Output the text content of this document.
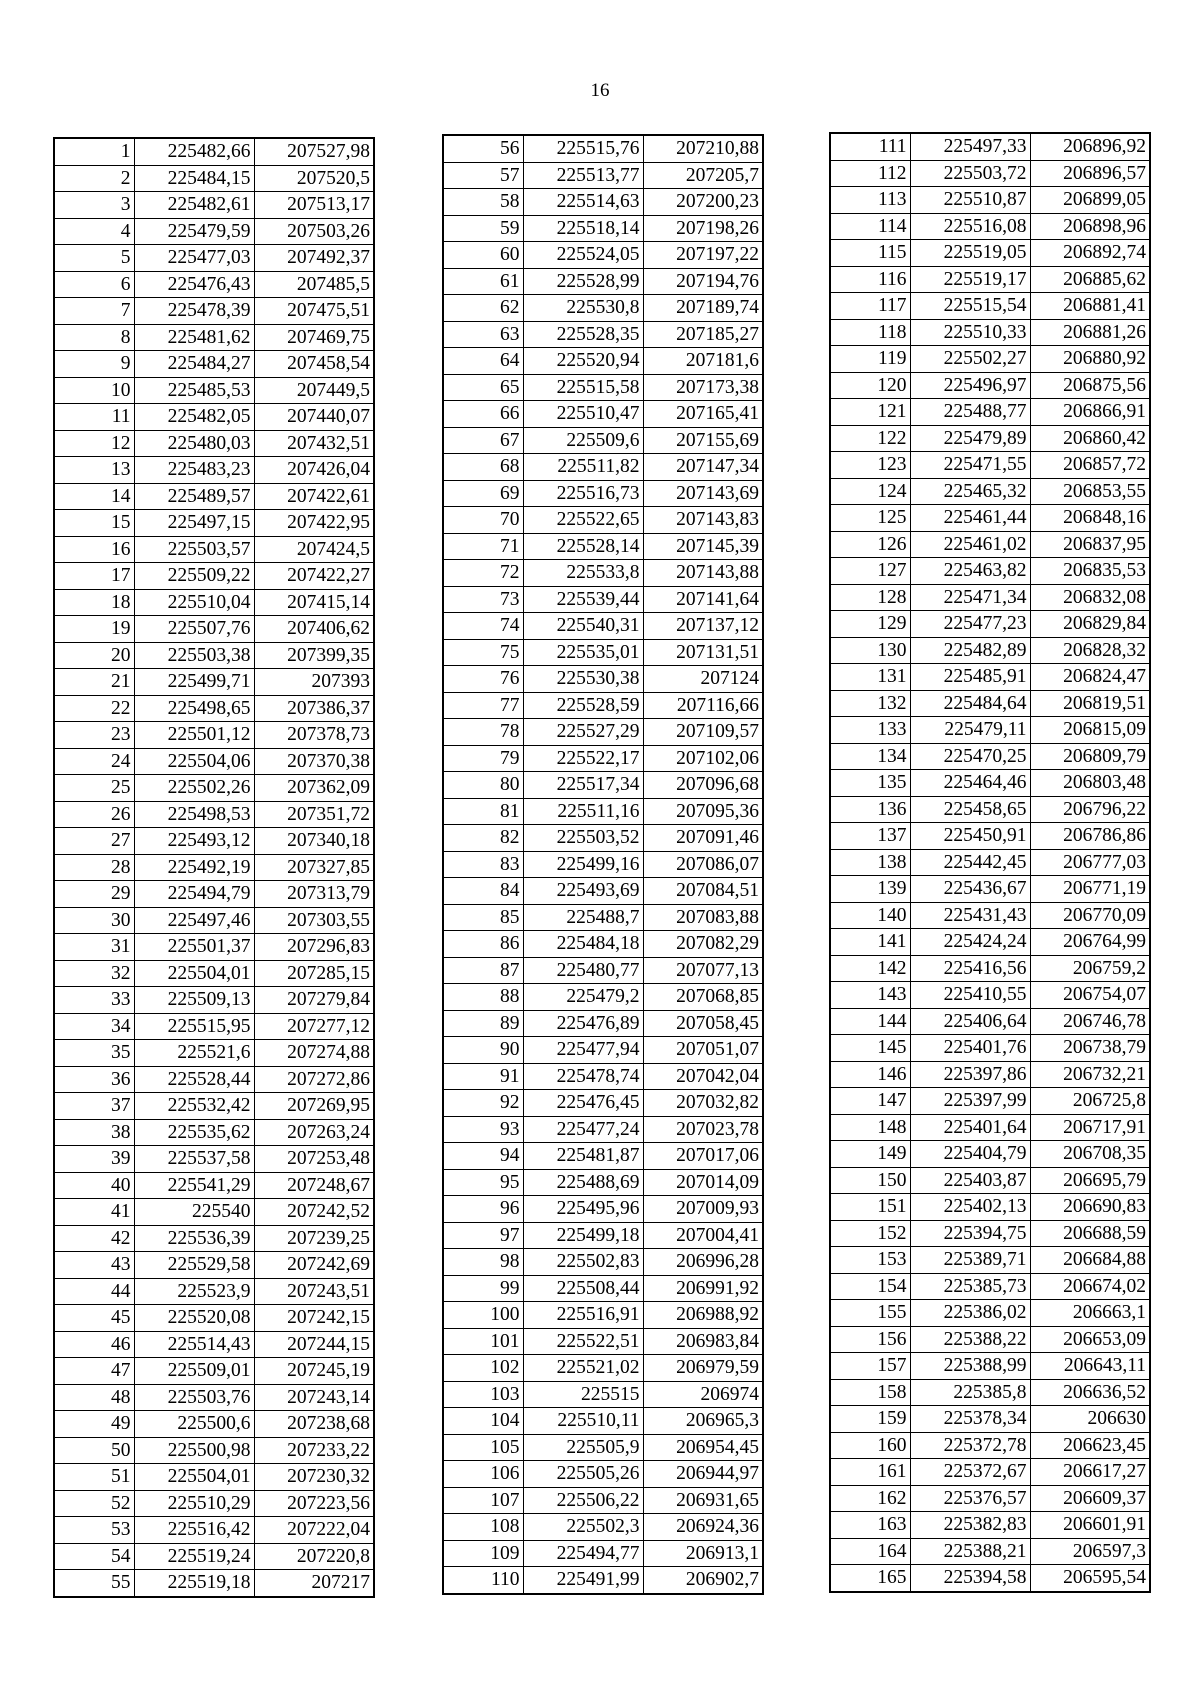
16
1	225482,66	207527,98
2	225484,15	207520,5
3	225482,61	207513,17
4	225479,59	207503,26
5	225477,03	207492,37
6	225476,43	207485,5
7	225478,39	207475,51
8	225481,62	207469,75
9	225484,27	207458,54
10	225485,53	207449,5
11	225482,05	207440,07
12	225480,03	207432,51
13	225483,23	207426,04
14	225489,57	207422,61
15	225497,15	207422,95
16	225503,57	207424,5
17	225509,22	207422,27
18	225510,04	207415,14
19	225507,76	207406,62
20	225503,38	207399,35
21	225499,71	207393
22	225498,65	207386,37
23	225501,12	207378,73
24	225504,06	207370,38
25	225502,26	207362,09
26	225498,53	207351,72
27	225493,12	207340,18
28	225492,19	207327,85
29	225494,79	207313,79
30	225497,46	207303,55
31	225501,37	207296,83
32	225504,01	207285,15
33	225509,13	207279,84
34	225515,95	207277,12
35	225521,6	207274,88
36	225528,44	207272,86
37	225532,42	207269,95
38	225535,62	207263,24
39	225537,58	207253,48
40	225541,29	207248,67
41	225540	207242,52
42	225536,39	207239,25
43	225529,58	207242,69
44	225523,9	207243,51
45	225520,08	207242,15
46	225514,43	207244,15
47	225509,01	207245,19
48	225503,76	207243,14
49	225500,6	207238,68
50	225500,98	207233,22
51	225504,01	207230,32
52	225510,29	207223,56
53	225516,42	207222,04
54	225519,24	207220,8
55	225519,18	207217
56	225515,76	207210,88
57	225513,77	207205,7
58	225514,63	207200,23
59	225518,14	207198,26
60	225524,05	207197,22
61	225528,99	207194,76
62	225530,8	207189,74
63	225528,35	207185,27
64	225520,94	207181,6
65	225515,58	207173,38
66	225510,47	207165,41
67	225509,6	207155,69
68	225511,82	207147,34
69	225516,73	207143,69
70	225522,65	207143,83
71	225528,14	207145,39
72	225533,8	207143,88
73	225539,44	207141,64
74	225540,31	207137,12
75	225535,01	207131,51
76	225530,38	207124
77	225528,59	207116,66
78	225527,29	207109,57
79	225522,17	207102,06
80	225517,34	207096,68
81	225511,16	207095,36
82	225503,52	207091,46
83	225499,16	207086,07
84	225493,69	207084,51
85	225488,7	207083,88
86	225484,18	207082,29
87	225480,77	207077,13
88	225479,2	207068,85
89	225476,89	207058,45
90	225477,94	207051,07
91	225478,74	207042,04
92	225476,45	207032,82
93	225477,24	207023,78
94	225481,87	207017,06
95	225488,69	207014,09
96	225495,96	207009,93
97	225499,18	207004,41
98	225502,83	206996,28
99	225508,44	206991,92
100	225516,91	206988,92
101	225522,51	206983,84
102	225521,02	206979,59
103	225515	206974
104	225510,11	206965,3
105	225505,9	206954,45
106	225505,26	206944,97
107	225506,22	206931,65
108	225502,3	206924,36
109	225494,77	206913,1
110	225491,99	206902,7
111	225497,33	206896,92
112	225503,72	206896,57
113	225510,87	206899,05
114	225516,08	206898,96
115	225519,05	206892,74
116	225519,17	206885,62
117	225515,54	206881,41
118	225510,33	206881,26
119	225502,27	206880,92
120	225496,97	206875,56
121	225488,77	206866,91
122	225479,89	206860,42
123	225471,55	206857,72
124	225465,32	206853,55
125	225461,44	206848,16
126	225461,02	206837,95
127	225463,82	206835,53
128	225471,34	206832,08
129	225477,23	206829,84
130	225482,89	206828,32
131	225485,91	206824,47
132	225484,64	206819,51
133	225479,11	206815,09
134	225470,25	206809,79
135	225464,46	206803,48
136	225458,65	206796,22
137	225450,91	206786,86
138	225442,45	206777,03
139	225436,67	206771,19
140	225431,43	206770,09
141	225424,24	206764,99
142	225416,56	206759,2
143	225410,55	206754,07
144	225406,64	206746,78
145	225401,76	206738,79
146	225397,86	206732,21
147	225397,99	206725,8
148	225401,64	206717,91
149	225404,79	206708,35
150	225403,87	206695,79
151	225402,13	206690,83
152	225394,75	206688,59
153	225389,71	206684,88
154	225385,73	206674,02
155	225386,02	206663,1
156	225388,22	206653,09
157	225388,99	206643,11
158	225385,8	206636,52
159	225378,34	206630
160	225372,78	206623,45
161	225372,67	206617,27
162	225376,57	206609,37
163	225382,83	206601,91
164	225388,21	206597,3
165	225394,58	206595,54
